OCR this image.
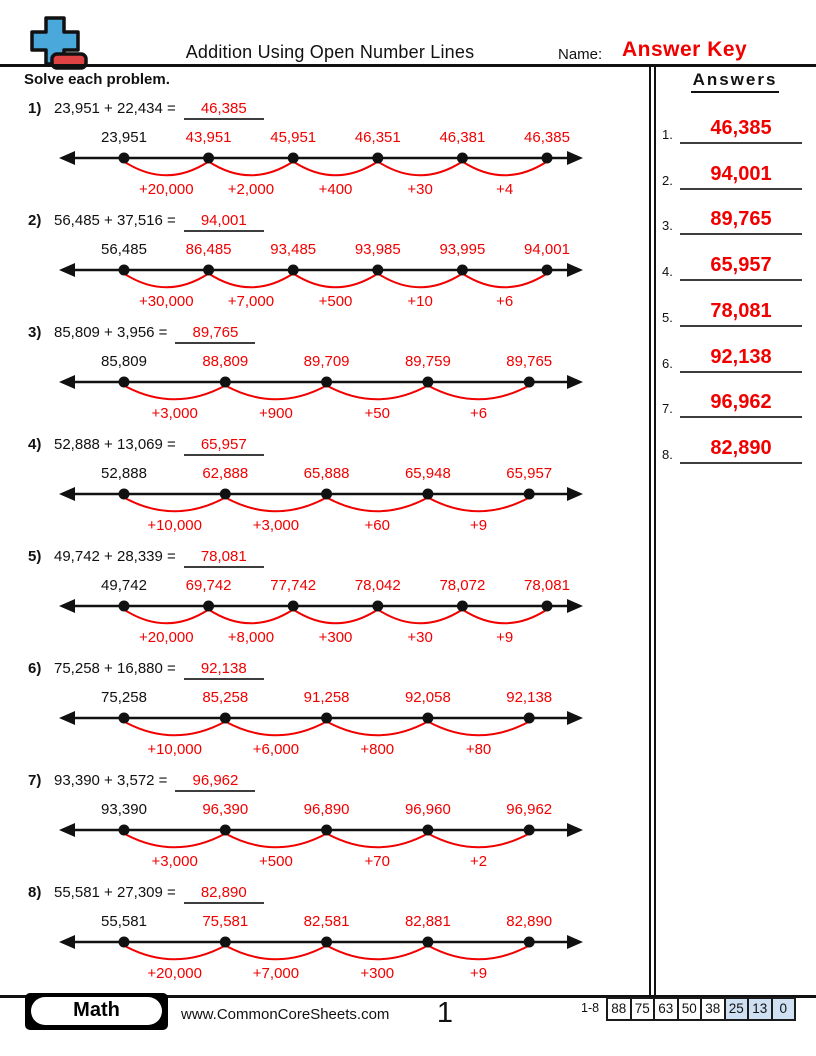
Addition Using Open Number Lines	Name: Answer Key
Solve each problem.	Answers
1.	46,385
2.	94,001
3.	89,765
4.	65,957
5.	78,081
6.	92,138
7.	96,962
8.	82,890
1) 23,951 + 22,434 = 46,385
+20,000 +2,000	+400	+30	+4
23,951	43,951	45,951	46,351	46,381	46,385
2) 56,485 + 37,516 = 94,001
+30,000 +7,000	+500	+10	+6
56,485	86,485	93,485	93,985	93,995	94,001
3) 85,809 + 3,956 = 89,765
+3,000	+900	+50	+6
85,809	88,809	89,709	89,759	89,765
4) 52,888 + 13,069 = 65,957
+10,000	+3,000	+60	+9
52,888	62,888	65,888	65,948	65,957
5) 49,742 + 28,339 = 78,081
+20,000 +8,000	+300	+30	+9
49,742	69,742	77,742	78,042	78,072	78,081
6) 75,258 + 16,880 = 92,138
+10,000	+6,000	+800	+80
75,258	85,258	91,258	92,058	92,138
7) 93,390 + 3,572 = 96,962
+3,000	+500	+70	+2
93,390	96,390	96,890	96,960	96,962
8) 55,581 + 27,309 = 82,890
+20,000	+7,000	+300	+9
55,581	75,581	82,581	82,881	82,890
Math	www.CommonCoreSheets.com	1	1-8 88 75 63 50 38 25 13 0
